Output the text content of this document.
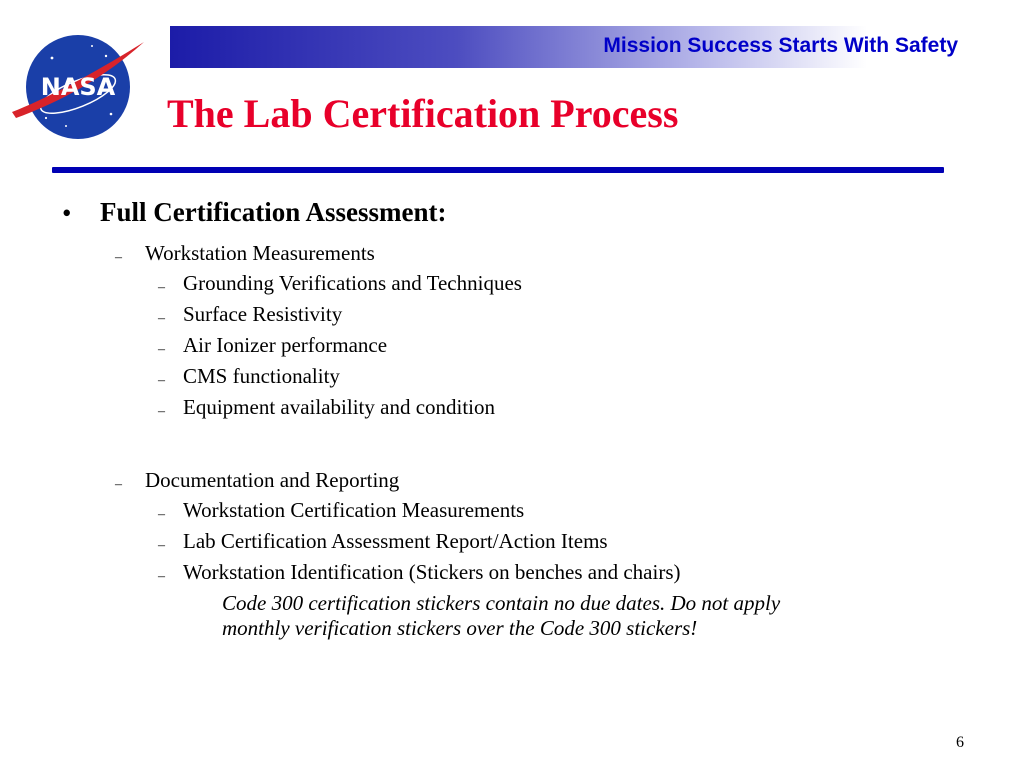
Mission Success Starts With Safety
NASA
The Lab Certification Process
• Full Certification Assessment:
– Workstation Measurements
– Grounding Verifications and Techniques
– Surface Resistivity
– Air Ionizer performance
– CMS functionality
– Equipment availability and condition
– Documentation and Reporting
– Workstation Certification Measurements
– Lab Certification Assessment Report/Action Items
– Workstation Identification (Stickers on benches and chairs)
Code 300 certification stickers contain no due dates. Do not apply
monthly verification stickers over the Code 300 stickers!
6
